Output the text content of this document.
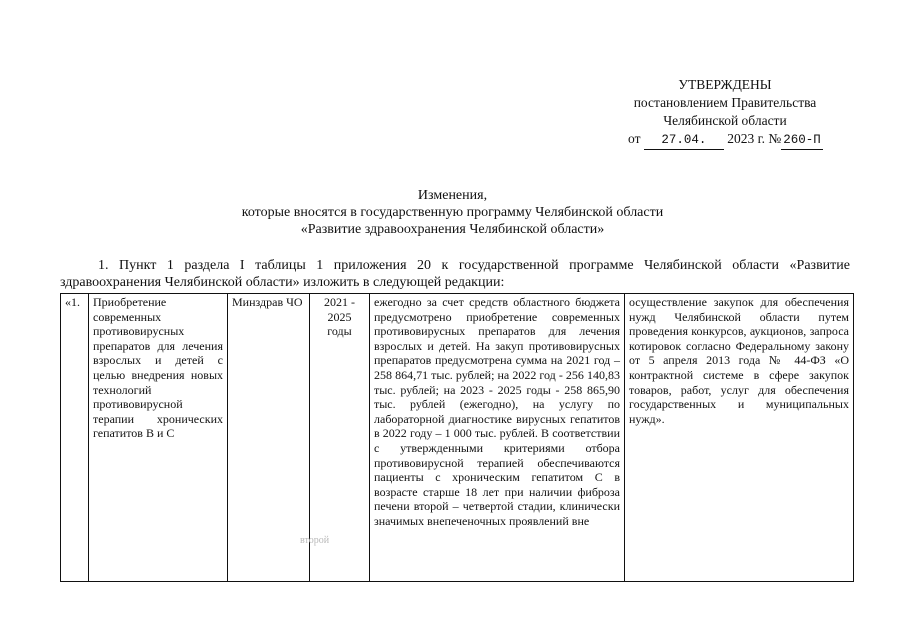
УТВЕРЖДЕНЫ
постановлением Правительства
Челябинской области
от 27.04. 2023 г. № 260-П
Изменения,
которые вносятся в государственную программу Челябинской области
«Развитие здравоохранения Челябинской области»
1. Пункт 1 раздела I таблицы 1 приложения 20 к государственной программе Челябинской области «Развитие здравоохранения Челябинской области» изложить в следующей редакции:
«1.	Приобретение современных противовирусных препаратов для лечения взрослых и детей с целью внедрения новых технологий противовирусной терапии хронических гепатитов В и С	Минздрав ЧО	2021 - 2025 годы	ежегодно за счет средств областного бюджета предусмотрено приобретение современных противовирусных препаратов для лечения взрослых и детей. На закуп противовирусных препаратов предусмотрена сумма на 2021 год – 258 864,71 тыс. рублей; на 2022 год - 256 140,83 тыс. рублей; на 2023 - 2025 годы - 258 865,90 тыс. рублей (ежегодно), на услугу по лабораторной диагностике вирусных гепатитов в 2022 году – 1 000 тыс. рублей. В соответствии с утвержденными критериями отбора противовирусной терапией обеспечиваются пациенты с хроническим гепатитом С в возрасте старше 18 лет при наличии фиброза печени второй – четвертой стадии, клинически значимых внепеченочных проявлений вне	осуществление закупок для обеспечения нужд Челябинской области путем проведения конкурсов, аукционов, запроса котировок согласно Федеральному закону от 5 апреля 2013 года № 44-ФЗ «О контрактной системе в сфере закупок товаров, работ, услуг для обеспечения государственных и муниципальных нужд».
второй
